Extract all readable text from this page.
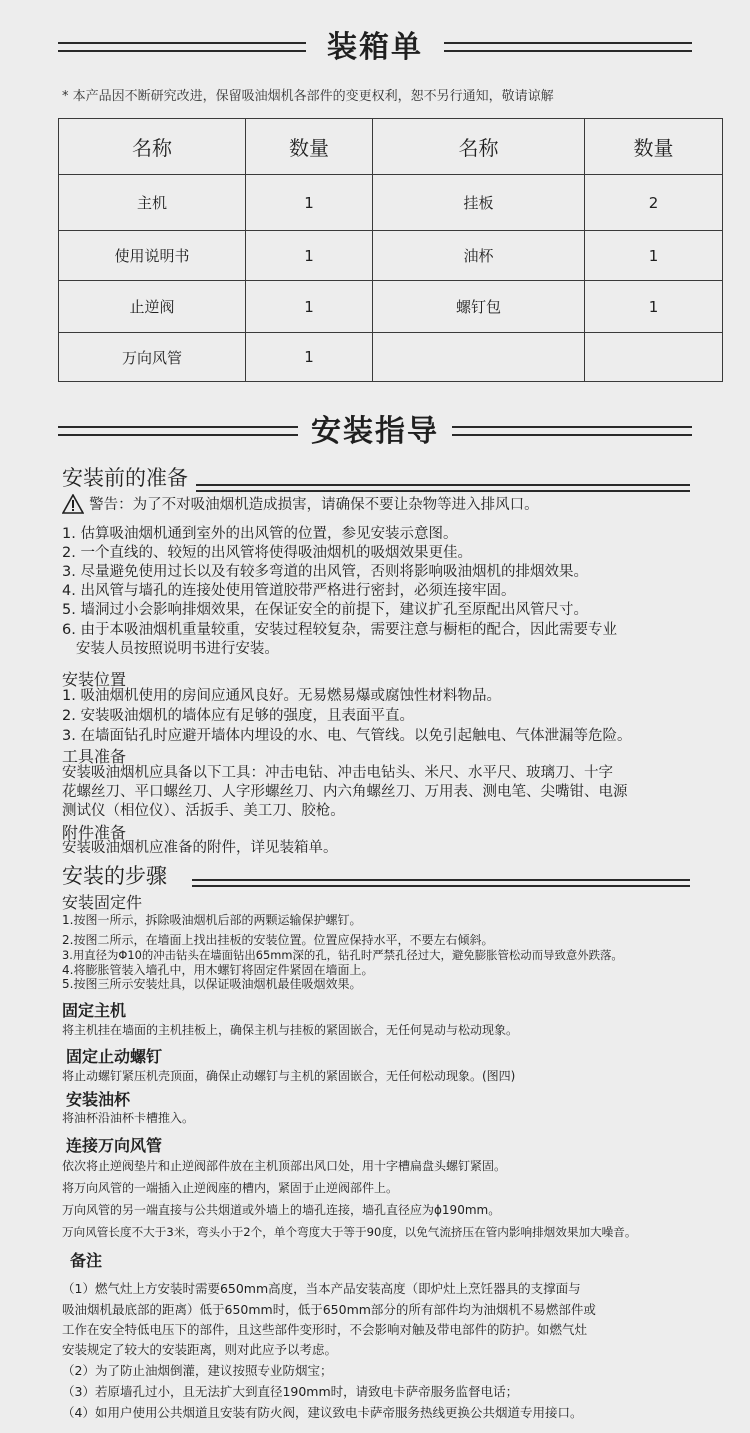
装箱单
* 本产品因不断研究改进，保留吸油烟机各部件的变更权利，恕不另行通知，敬请谅解
名称	数量	名称	数量
主机	1	挂板	2
使用说明书	1	油杯	1
止逆阀	1	螺钉包	1
万向风管	1		
安装指导
安装前的准备
警告：为了不对吸油烟机造成损害，请确保不要让杂物等进入排风口。
1. 估算吸油烟机通到室外的出风管的位置，参见安装示意图。
2. 一个直线的、较短的出风管将使得吸油烟机的吸烟效果更佳。
3. 尽量避免使用过长以及有较多弯道的出风管，否则将影响吸油烟机的排烟效果。
4. 出风管与墙孔的连接处使用管道胶带严格进行密封，必须连接牢固。
5. 墙洞过小会影响排烟效果，在保证安全的前提下，建议扩孔至原配出风管尺寸。
6. 由于本吸油烟机重量较重，安装过程较复杂，需要注意与橱柜的配合，因此需要专业
安装人员按照说明书进行安装。
安装位置
1. 吸油烟机使用的房间应通风良好。无易燃易爆或腐蚀性材料物品。
2. 安装吸油烟机的墙体应有足够的强度，且表面平直。
3. 在墙面钻孔时应避开墙体内埋设的水、电、气管线。以免引起触电、气体泄漏等危险。
工具准备
安装吸油烟机应具备以下工具：冲击电钻、冲击电钻头、米尺、水平尺、玻璃刀、十字
花螺丝刀、平口螺丝刀、人字形螺丝刀、内六角螺丝刀、万用表、测电笔、尖嘴钳、电源
测试仪（相位仪）、活扳手、美工刀、胶枪。
附件准备
安装吸油烟机应准备的附件，详见装箱单。
安装的步骤
安装固定件
1.按图一所示，拆除吸油烟机后部的两颗运输保护螺钉。
2.按图二所示，在墙面上找出挂板的安装位置。位置应保持水平，不要左右倾斜。
3.用直径为Φ10的冲击钻头在墙面钻出65mm深的孔，钻孔时严禁孔径过大，避免膨胀管松动而导致意外跌落。
4.将膨胀管装入墙孔中，用木螺钉将固定件紧固在墙面上。
5.按图三所示安装灶具，以保证吸油烟机最佳吸烟效果。
固定主机
将主机挂在墙面的主机挂板上，确保主机与挂板的紧固嵌合，无任何晃动与松动现象。
固定止动螺钉
将止动螺钉紧压机壳顶面，确保止动螺钉与主机的紧固嵌合，无任何松动现象。(图四)
安装油杯
将油杯沿油杯卡槽推入。
连接万向风管
依次将止逆阀垫片和止逆阀部件放在主机顶部出风口处，用十字槽扁盘头螺钉紧固。
将万向风管的一端插入止逆阀座的槽内，紧固于止逆阀部件上。
万向风管的另一端直接与公共烟道或外墙上的墙孔连接，墙孔直径应为ϕ190mm。
万向风管长度不大于3米，弯头小于2个，单个弯度大于等于90度，以免气流挤压在管内影响排烟效果加大噪音。
备注
（1）燃气灶上方安装时需要650mm高度，当本产品安装高度（即炉灶上烹饪器具的支撑面与
吸油烟机最底部的距离）低于650mm时，低于650mm部分的所有部件均为油烟机不易燃部件或
工作在安全特低电压下的部件，且这些部件变形时，不会影响对触及带电部件的防护。如燃气灶
安装规定了较大的安装距离，则对此应予以考虑。
（2）为了防止油烟倒灌，建议按照专业防烟宝；
（3）若原墙孔过小，且无法扩大到直径190mm时，请致电卡萨帝服务监督电话；
（4）如用户使用公共烟道且安装有防火阀，建议致电卡萨帝服务热线更换公共烟道专用接口。
